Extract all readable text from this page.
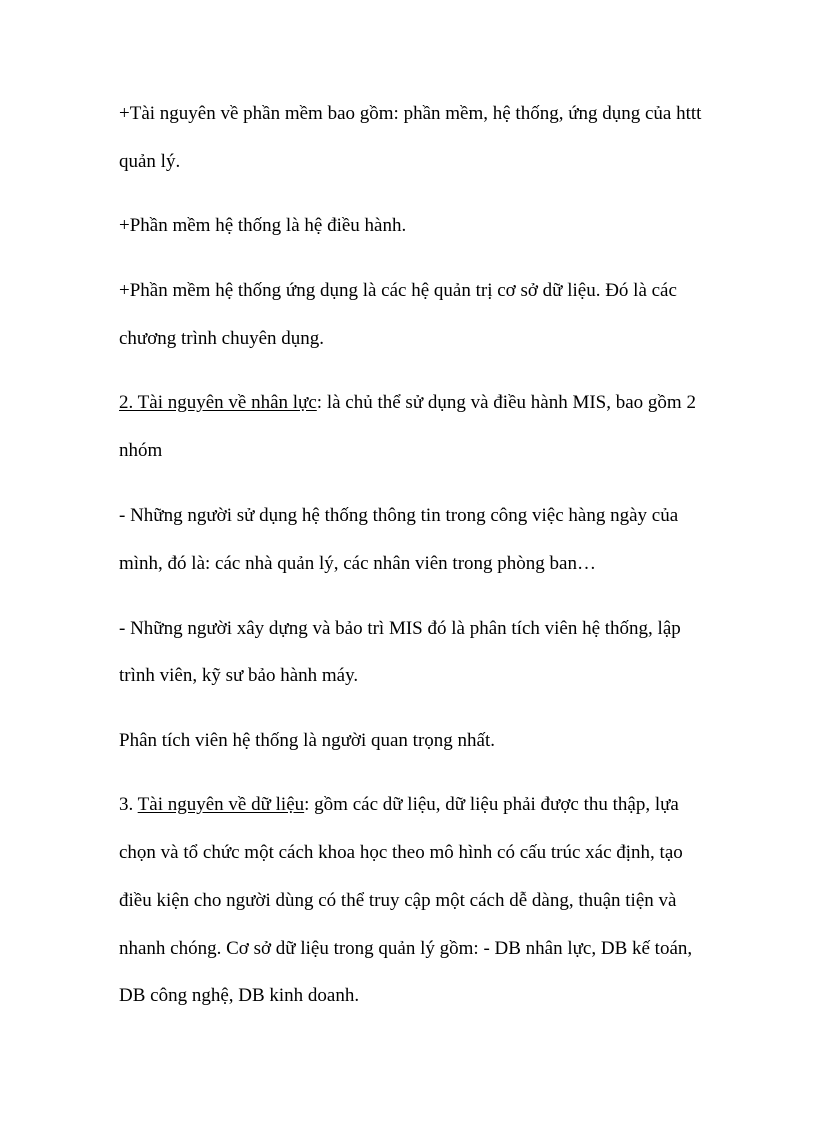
+Tài nguyên về phần mềm bao gồm: phần mềm, hệ thống, ứng dụng của httt
quản lý.
+Phần mềm hệ thống là hệ điều hành.
+Phần mềm hệ thống ứng dụng là các hệ quản trị cơ sở dữ liệu. Đó là các
chương trình chuyên dụng.
2. Tài nguyên về nhân lực: là chủ thể sử dụng và điều hành MIS, bao gồm 2
nhóm
- Những người sử dụng hệ thống thông tin trong công việc hàng ngày của
mình, đó là: các nhà quản lý, các nhân viên trong phòng ban…
- Những người xây dựng và bảo trì MIS đó là phân tích viên hệ thống, lập
trình viên, kỹ sư bảo hành máy.
Phân tích viên hệ thống là người quan trọng nhất.
3. Tài nguyên về dữ liệu: gồm các dữ liệu, dữ liệu phải được thu thập, lựa
chọn và tổ chức một cách khoa học theo mô hình có cấu trúc xác định, tạo
điều kiện cho người dùng có thể truy cập một cách dễ dàng, thuận tiện và
nhanh chóng. Cơ sở dữ liệu trong quản lý gồm: - DB nhân lực, DB kế toán,
DB công nghệ, DB kinh doanh.
